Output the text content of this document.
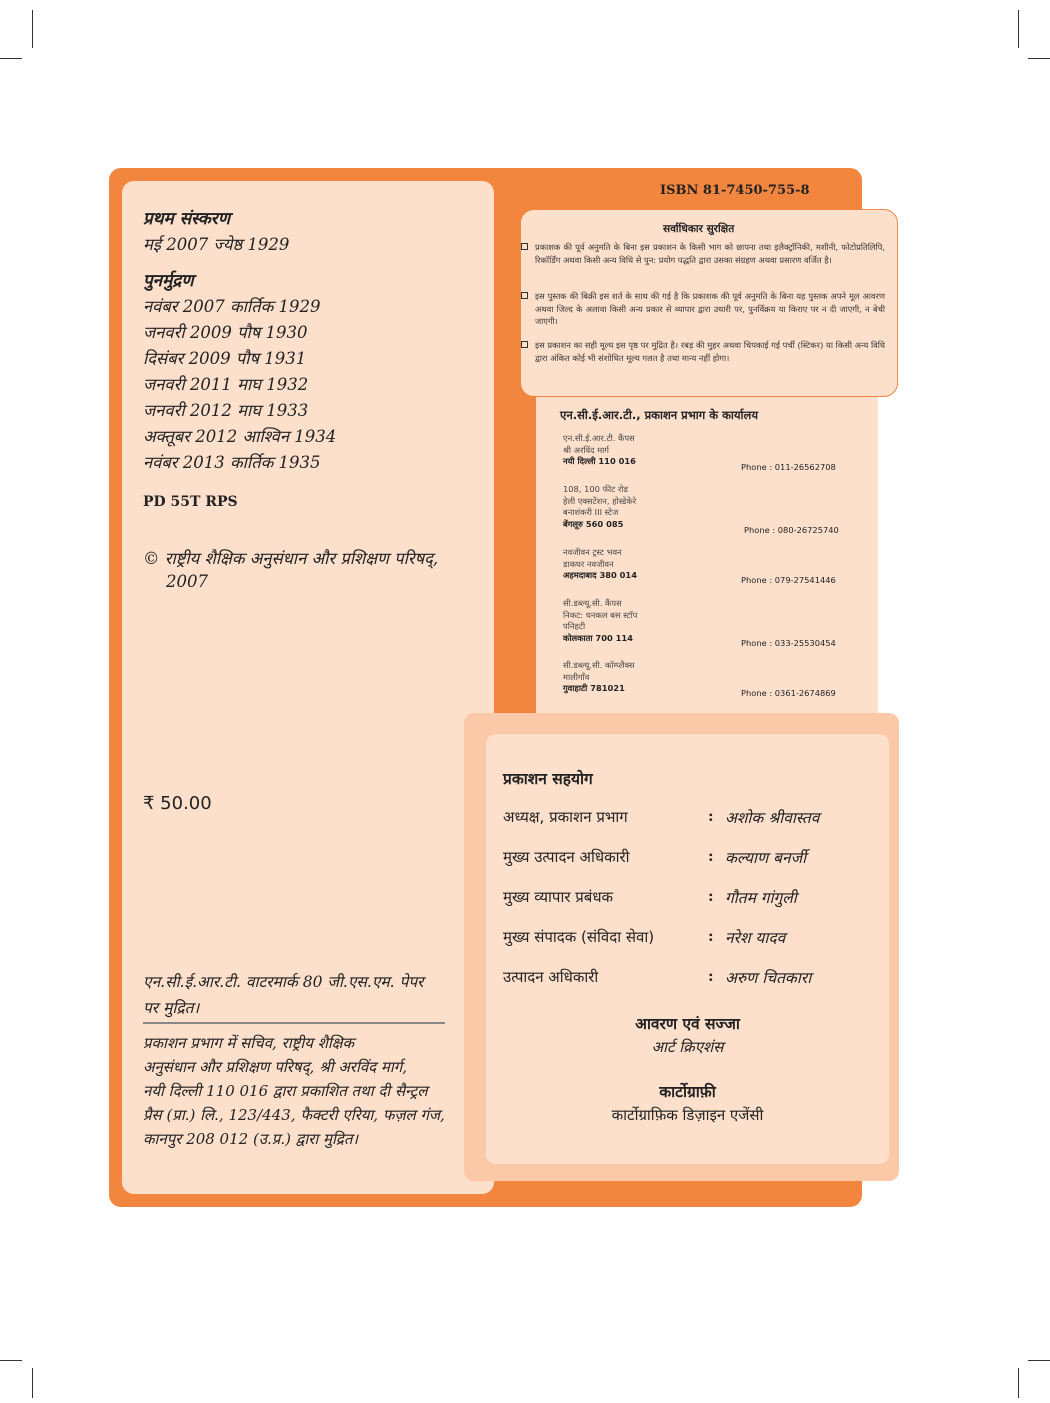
ISBN 81-7450-755-8
प्रथम संस्करण
मई 2007 ज्येष्ठ 1929
पुनर्मुद्रण
नवंबर 2007 कार्तिक 1929
जनवरी 2009 पौष 1930
दिसंबर 2009 पौष 1931
जनवरी 2011 माघ 1932
जनवरी 2012 माघ 1933
अक्तूबर 2012 आश्विन 1934
नवंबर 2013 कार्तिक 1935
PD 55T RPS
© राष्ट्रीय शैक्षिक अनुसंधान और प्रशिक्षण परिषद्,
2007
₹ 50.00
एन.सी.ई.आर.टी. वाटरमार्क 80 जी.एस.एम. पेपर
पर मुद्रित।
प्रकाशन प्रभाग में सचिव, राष्ट्रीय शैक्षिक
अनुसंधान और प्रशिक्षण परिषद्, श्री अरविंद मार्ग,
नयी दिल्ली 110 016 द्वारा प्रकाशित तथा दी सैन्ट्रल
प्रैस (प्रा.) लि., 123/443, फैक्टरी एरिया, फज़ल गंज,
कानपुर 208 012 (उ.प्र.) द्वारा मुद्रित।
सर्वाधिकार सुरक्षित
प्रकाशक की पूर्व अनुमति के बिना इस प्रकाशन के किसी भाग को छापना तथा इलैक्ट्रॉनिकी, मशीनी, फोटोप्रतिलिपि, रिकॉर्डिंग अथवा किसी अन्य विधि से पुन: प्रयोग पद्धति द्वारा उसका संग्रहण अथवा प्रसारण वर्जित है।
इस पुस्तक की बिक्री इस शर्त के साथ की गई है कि प्रकाशक की पूर्व अनुमति के बिना यह पुस्तक अपने मूल आवरण अथवा जिल्द के अलावा किसी अन्य प्रकार से व्यापार द्वारा उधारी पर, पुनर्विक्रय या किराए पर न दी जाएगी, न बेची जाएगी।
इस प्रकाशन का सही मूल्य इस पृष्ठ पर मुद्रित है। रबड़ की मुहर अथवा चिपकाई गई पर्ची (स्टिकर) या किसी अन्य विधि द्वारा अंकित कोई भी संशोधित मूल्य गलत है तथा मान्य नहीं होगा।
एन.सी.ई.आर.टी., प्रकाशन प्रभाग के कार्यालय
एन.सी.ई.आर.टी. कैंपस
श्री अरविंद मार्ग
नयी दिल्ली 110 016
Phone : 011-26562708
108, 100 फीट रोड
हेली एक्सटेंशन, होस्डेकेरे
बनाशंकरी III स्टेज
बेंगलूरु 560 085
Phone : 080-26725740
नवजीवन ट्रस्ट भवन
डाकघर नवजीवन
अहमदाबाद 380 014	Phone : 079-27541446
सी.डब्ल्यू.सी. कैंपस
निकट: धनकल बस स्टॉप
पनिहटी
कोलकाता 700 114
Phone : 033-25530454
सी.डब्ल्यू.सी. कॉम्प्लैक्स
मालीगाँव
गुवाहाटी 781021	Phone : 0361-2674869
प्रकाशन सहयोग
अध्यक्ष, प्रकाशन प्रभाग	: अशोक श्रीवास्तव
मुख्य उत्पादन अधिकारी	: कल्याण बनर्जी
मुख्य व्यापार प्रबंधक	: गौतम गांगुली
मुख्य संपादक (संविदा सेवा)	: नरेश यादव
उत्पादन अधिकारी	: अरुण चितकारा
आवरण एवं सज्जा
आर्ट क्रिएशंस
कार्टोग्राफ़ी
कार्टोग्राफ़िक डिज़ाइन एजेंसी
